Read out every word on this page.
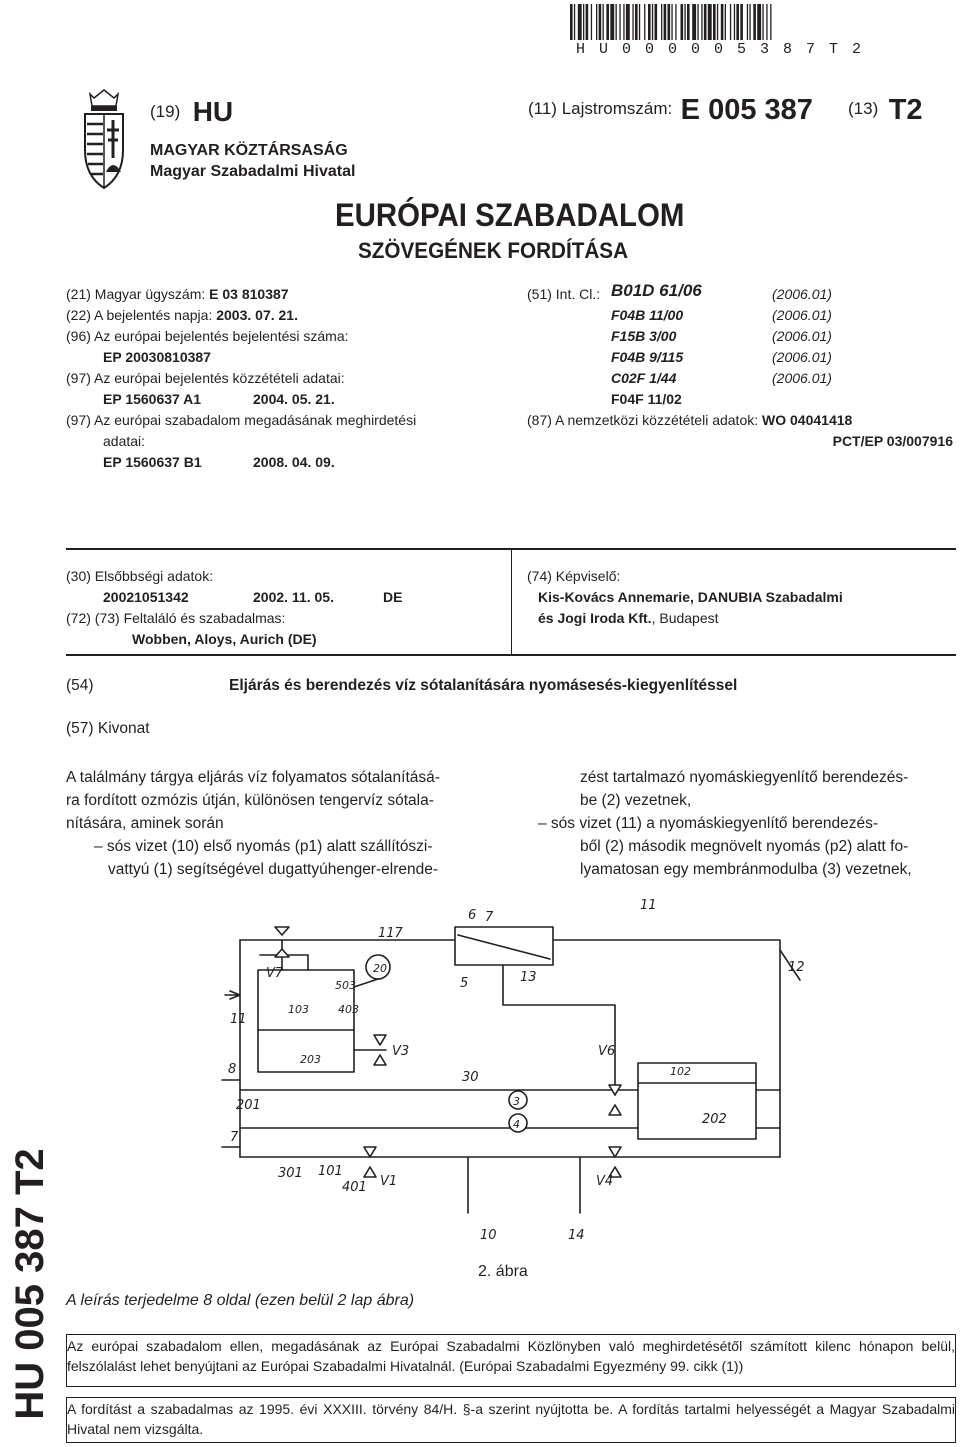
H U 0 0 0 0 0 5 3 8 7 T 2
(19) HU	(11) Lajstromszám: E 005 387 (13) T2
MAGYAR KÖZTÁRSASÁG
Magyar Szabadalmi Hivatal
EURÓPAI SZABADALOM
SZÖVEGÉNEK FORDÍTÁSA
(21) Magyar ügyszám: E 03 810387
(22) A bejelentés napja: 2003. 07. 21.
(96) Az európai bejelentés bejelentési száma:
EP 20030810387
(97) Az európai bejelentés közzétételi adatai:
EP 1560637 A1	2004. 05. 21.
(97) Az európai szabadalom megadásának meghirdetési
adatai:
EP 1560637 B1	2008. 04. 09.
(51) Int. Cl.: B01D 61/06	(2006.01)
F04B 11/00	(2006.01)
F15B 3/00	(2006.01)
F04B 9/115	(2006.01)
C02F 1/44	(2006.01)
F04F 11/02
(87) A nemzetközi közzétételi adatok: WO 04041418
PCT/EP 03/007916
(30) Elsőbbségi adatok:
20021051342	2002. 11. 05.	DE
(72) (73) Feltaláló és szabadalmas:
Wobben, Aloys, Aurich (DE)
(74) Képviselő:
Kis-Kovács Annemarie, DANUBIA Szabadalmi
és Jogi Iroda Kft., Budapest
(54)	Eljárás és berendezés víz sótalanítására nyomásesés-kiegyenlítéssel
(57) Kivonat
A találmány tárgya eljárás víz folyamatos sótalanításá-
ra fordított ozmózis útján, különösen tengervíz sótala-
nítására, aminek során
– sós vizet (10) első nyomás (p1) alatt szállítószi-
vattyú (1) segítségével dugattyúhenger-elrende-
zést tartalmazó nyomáskiegyenlítő berendezés-
be (2) vezetnek,
– sós vizet (11) a nyomáskiegyenlítő berendezés-
ből (2) második megnövelt nyomás (p2) alatt fo-
lyamatosan egy membránmodulba (3) vezetnek,
11
6 7
117
20
V7
503	5	13
12
11
103	403
203
V3	V6
8
30
3
4
102
201
202
7
301 101
401 V1	V4
10	14
2. ábra
A leírás terjedelme 8 oldal (ezen belül 2 lap ábra)
Az európai szabadalom ellen, megadásának az Európai Szabadalmi Közlönyben való meghirdetésétől számított kilenc hónapon belül, felszólalást lehet benyújtani az Európai Szabadalmi Hivatalnál. (Európai Szabadalmi Egyezmény 99. cikk (1))
A fordítást a szabadalmas az 1995. évi XXXIII. törvény 84/H. §-a szerint nyújtotta be. A fordítás tartalmi helyességét a Magyar Szabadalmi Hivatal nem vizsgálta.
HU 005 387 T2
